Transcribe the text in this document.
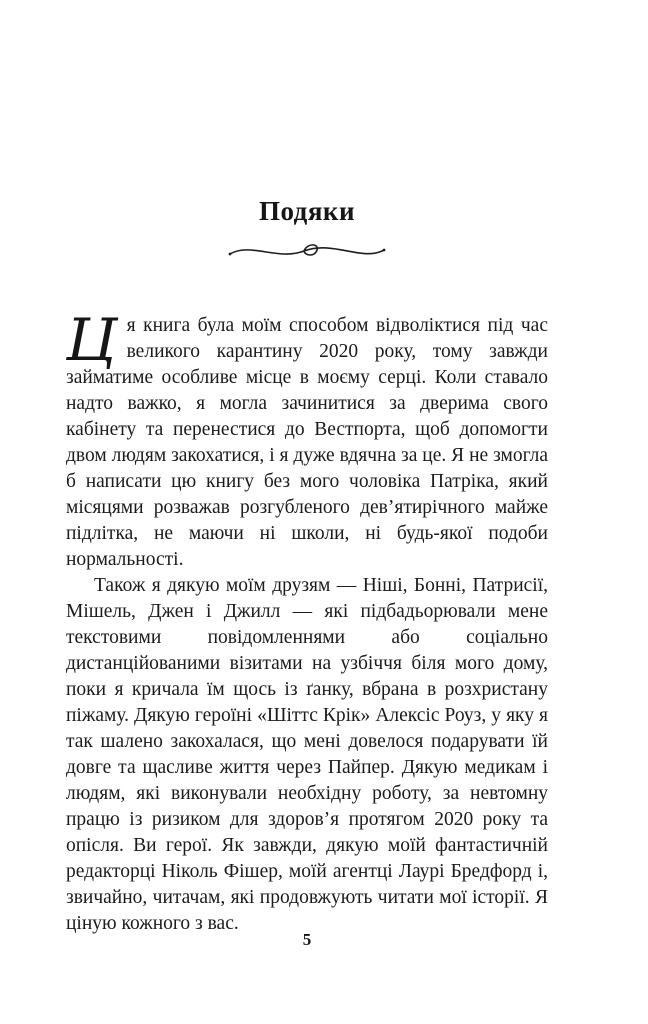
Подяки

Ця книга була моїм способом відволіктися під час великого карантину 2020 року, тому завжди займатиме особливе місце в моєму серці. Коли ставало надто важко, я могла зачинитися за дверима свого кабінету та перенестися до Вестпорта, щоб допомогти двом людям закохатися, і я дуже вдячна за це. Я не змогла б написати цю книгу без мого чоловіка Патріка, який місяцями розважав розгубленого дев’ятирічного майже підлітка, не маючи ні школи, ні будь-якої подоби нормальності.

Також я дякую моїм друзям — Ніші, Бонні, Патрисії, Мішель, Джен і Джилл — які підбадьорювали мене текстовими повідомленнями або соціально дистанційованими візитами на узбіччя біля мого дому, поки я кричала їм щось із ґанку, вбрана в розхристану піжаму. Дякую героїні «Шіттс Крік» Алексіс Роуз, у яку я так шалено закохалася, що мені довелося подарувати їй довге та щасливе життя через Пайпер. Дякую медикам і людям, які виконували необхідну роботу, за невтомну працю із ризиком для здоров’я протягом 2020 року та опісля. Ви герої. Як завжди, дякую моїй фантастичній редакторці Ніколь Фішер, моїй агентці Лаурі Бредфорд і, звичайно, читачам, які продовжують читати мої історії. Я ціную кожного з вас.

5
